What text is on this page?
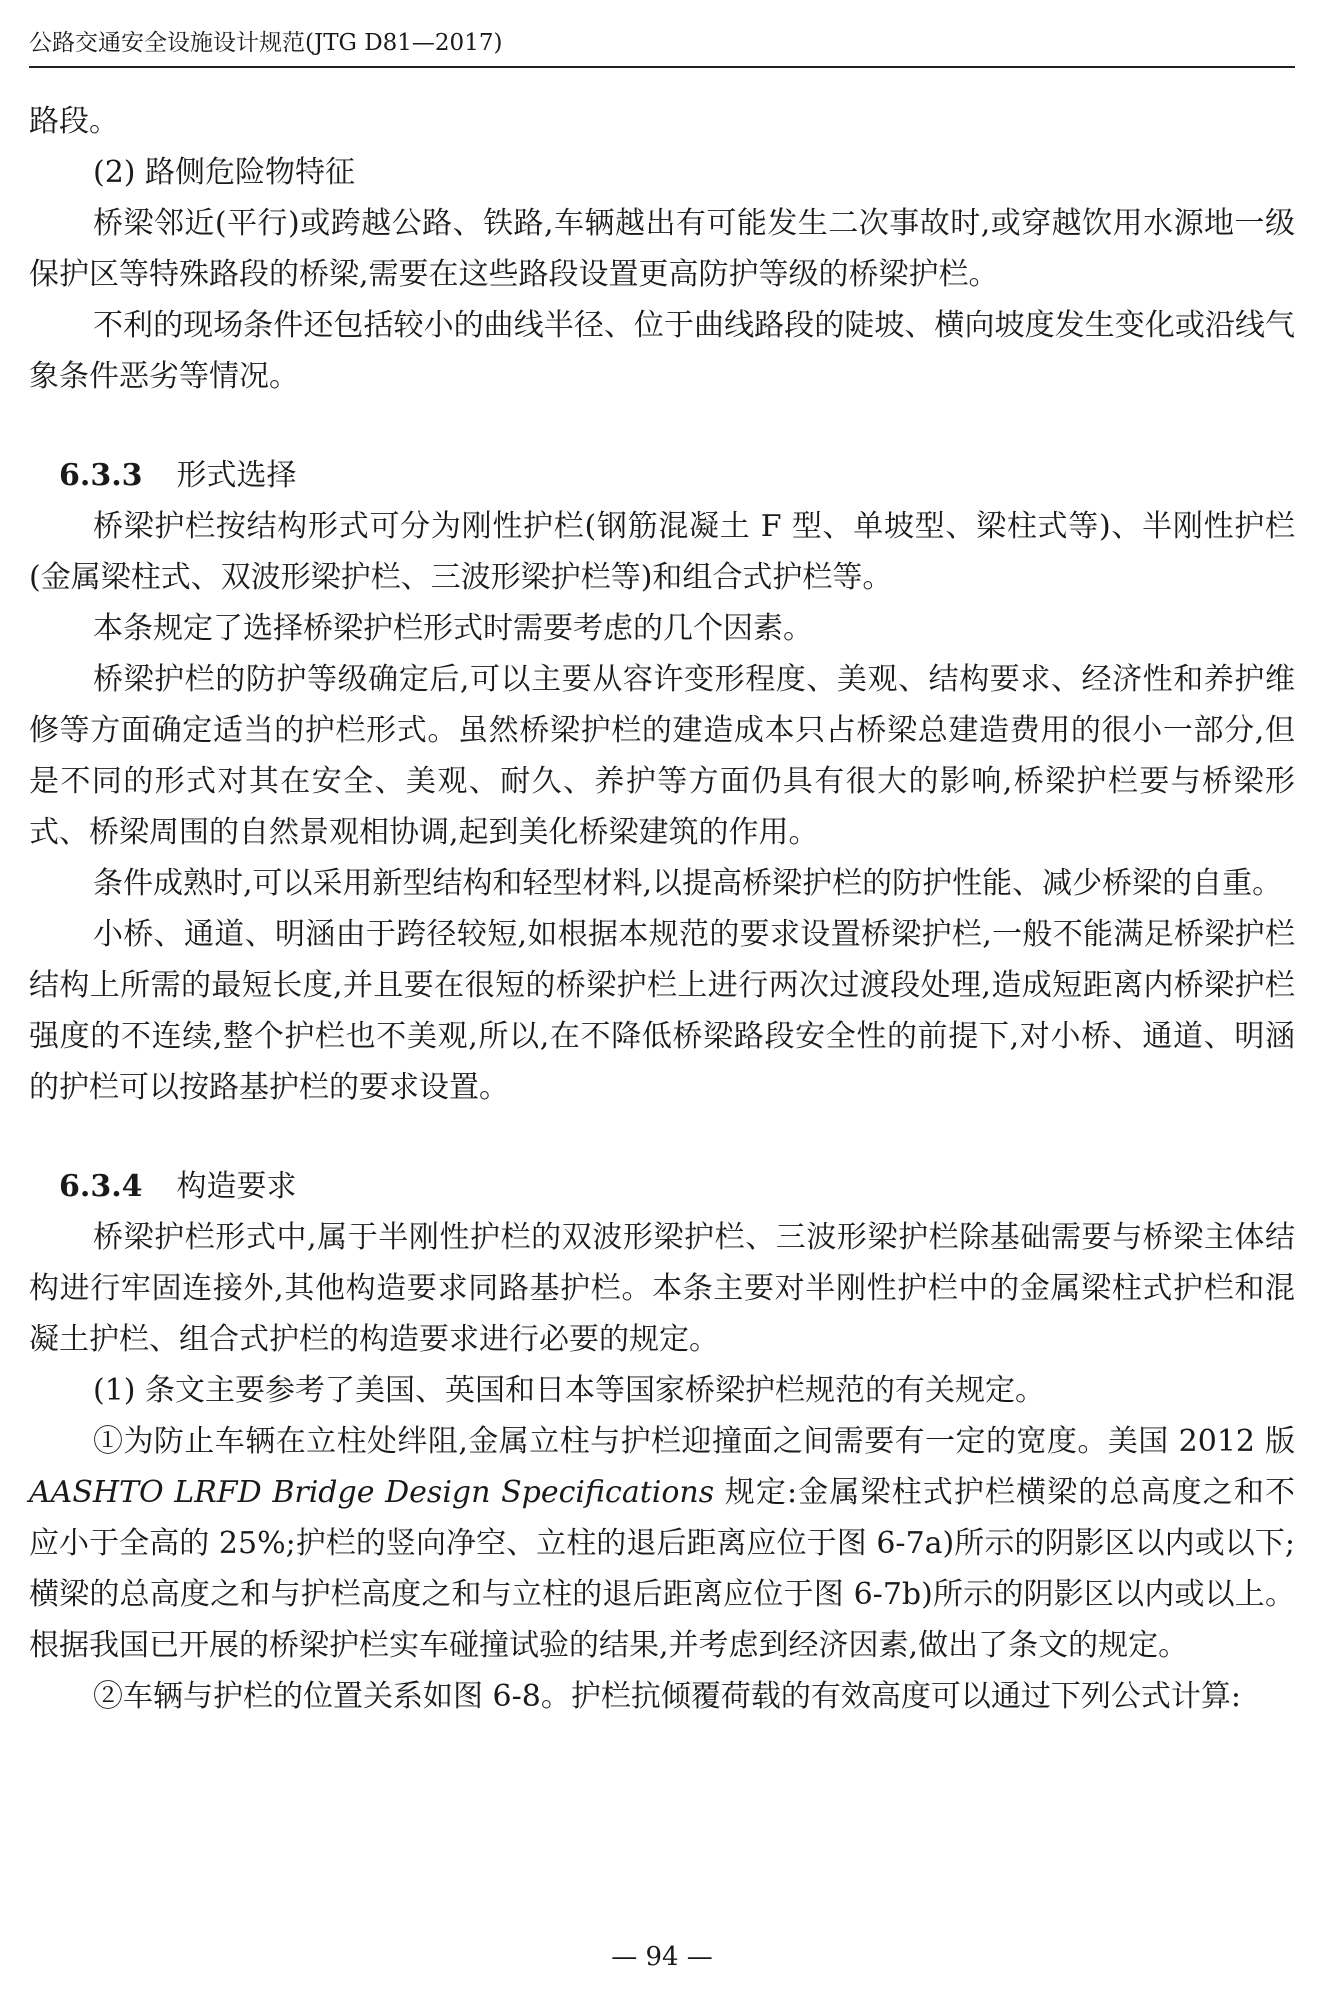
公路交通安全设施设计规范(JTG D81—2017)

路段。

(2) 路侧危险物特征

桥梁邻近(平行)或跨越公路、铁路,车辆越出有可能发生二次事故时,或穿越饮用水源地一级保护区等特殊路段的桥梁,需要在这些路段设置更高防护等级的桥梁护栏。

不利的现场条件还包括较小的曲线半径、位于曲线路段的陡坡、横向坡度发生变化或沿线气象条件恶劣等情况。

6.3.3 形式选择

桥梁护栏按结构形式可分为刚性护栏(钢筋混凝土 F 型、单坡型、梁柱式等)、半刚性护栏(金属梁柱式、双波形梁护栏、三波形梁护栏等)和组合式护栏等。

本条规定了选择桥梁护栏形式时需要考虑的几个因素。

桥梁护栏的防护等级确定后,可以主要从容许变形程度、美观、结构要求、经济性和养护维修等方面确定适当的护栏形式。虽然桥梁护栏的建造成本只占桥梁总建造费用的很小一部分,但是不同的形式对其在安全、美观、耐久、养护等方面仍具有很大的影响,桥梁护栏要与桥梁形式、桥梁周围的自然景观相协调,起到美化桥梁建筑的作用。

条件成熟时,可以采用新型结构和轻型材料,以提高桥梁护栏的防护性能、减少桥梁的自重。

小桥、通道、明涵由于跨径较短,如根据本规范的要求设置桥梁护栏,一般不能满足桥梁护栏结构上所需的最短长度,并且要在很短的桥梁护栏上进行两次过渡段处理,造成短距离内桥梁护栏强度的不连续,整个护栏也不美观,所以,在不降低桥梁路段安全性的前提下,对小桥、通道、明涵的护栏可以按路基护栏的要求设置。

6.3.4 构造要求

桥梁护栏形式中,属于半刚性护栏的双波形梁护栏、三波形梁护栏除基础需要与桥梁主体结构进行牢固连接外,其他构造要求同路基护栏。本条主要对半刚性护栏中的金属梁柱式护栏和混凝土护栏、组合式护栏的构造要求进行必要的规定。

(1) 条文主要参考了美国、英国和日本等国家桥梁护栏规范的有关规定。

①为防止车辆在立柱处绊阻,金属立柱与护栏迎撞面之间需要有一定的宽度。美国 2012 版 AASHTO LRFD Bridge Design Specifications 规定:金属梁柱式护栏横梁的总高度之和不应小于全高的 25%;护栏的竖向净空、立柱的退后距离应位于图 6-7a)所示的阴影区以内或以下;横梁的总高度之和与护栏高度之和与立柱的退后距离应位于图 6-7b)所示的阴影区以内或以上。根据我国已开展的桥梁护栏实车碰撞试验的结果,并考虑到经济因素,做出了条文的规定。

②车辆与护栏的位置关系如图 6-8。护栏抗倾覆荷载的有效高度可以通过下列公式计算:

— 94 —
